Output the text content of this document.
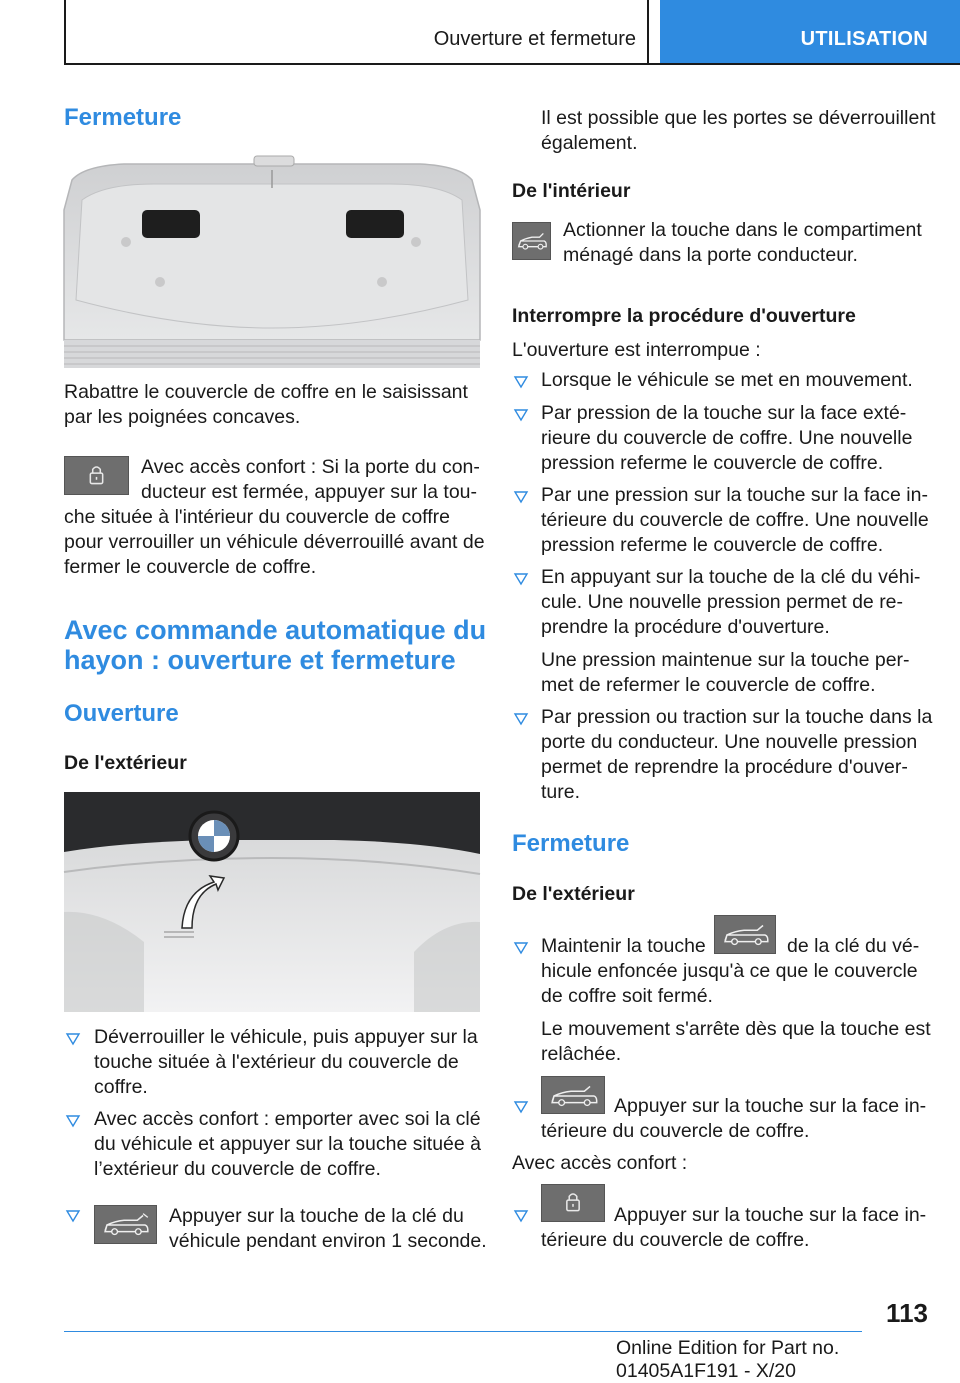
Ouverture et fermeture	UTILISATION
Fermeture
Rabattre le couvercle de coffre en le saisissant
par les poignées concaves.
Avec accès confort : Si la porte du con‐
ducteur est fermée, appuyer sur la tou‐
che située à l'intérieur du couvercle de coffre
pour verrouiller un véhicule déverrouillé avant de
fermer le couvercle de coffre.
Avec commande automatique du
hayon : ouverture et fermeture
Ouverture
De l'extérieur
Déverrouiller le véhicule, puis appuyer sur la
touche située à l'extérieur du couvercle de
coffre.
Avec accès confort : emporter avec soi la clé
du véhicule et appuyer sur la touche située à
l’extérieur du couvercle de coffre.
Appuyer sur la touche de la clé du
véhicule pendant environ 1 seconde.
Il est possible que les portes se déverrouillent
également.
De l'intérieur
Actionner la touche dans le compartiment
ménagé dans la porte conducteur.
Interrompre la procédure d'ouverture
L'ouverture est interrompue :
Lorsque le véhicule se met en mouvement.
Par pression de la touche sur la face exté‐
rieure du couvercle de coffre. Une nouvelle
pression referme le couvercle de coffre.
Par une pression sur la touche sur la face in‐
térieure du couvercle de coffre. Une nouvelle
pression referme le couvercle de coffre.
En appuyant sur la touche de la clé du véhi‐
cule. Une nouvelle pression permet de re‐
prendre la procédure d'ouverture.
Une pression maintenue sur la touche per‐
met de refermer le couvercle de coffre.
Par pression ou traction sur la touche dans la
porte du conducteur. Une nouvelle pression
permet de reprendre la procédure d'ouver‐
ture.
Fermeture
De l'extérieur
Maintenir la touche	de la clé du vé‐
hicule enfoncée jusqu'à ce que le couvercle
de coffre soit fermé.
Le mouvement s'arrête dès que la touche est
relâchée.
Appuyer sur la touche sur la face in‐
térieure du couvercle de coffre.
Avec accès confort :
Appuyer sur la touche sur la face in‐
térieure du couvercle de coffre.
113
Online Edition for Part no. 01405A1F191 - X/20
